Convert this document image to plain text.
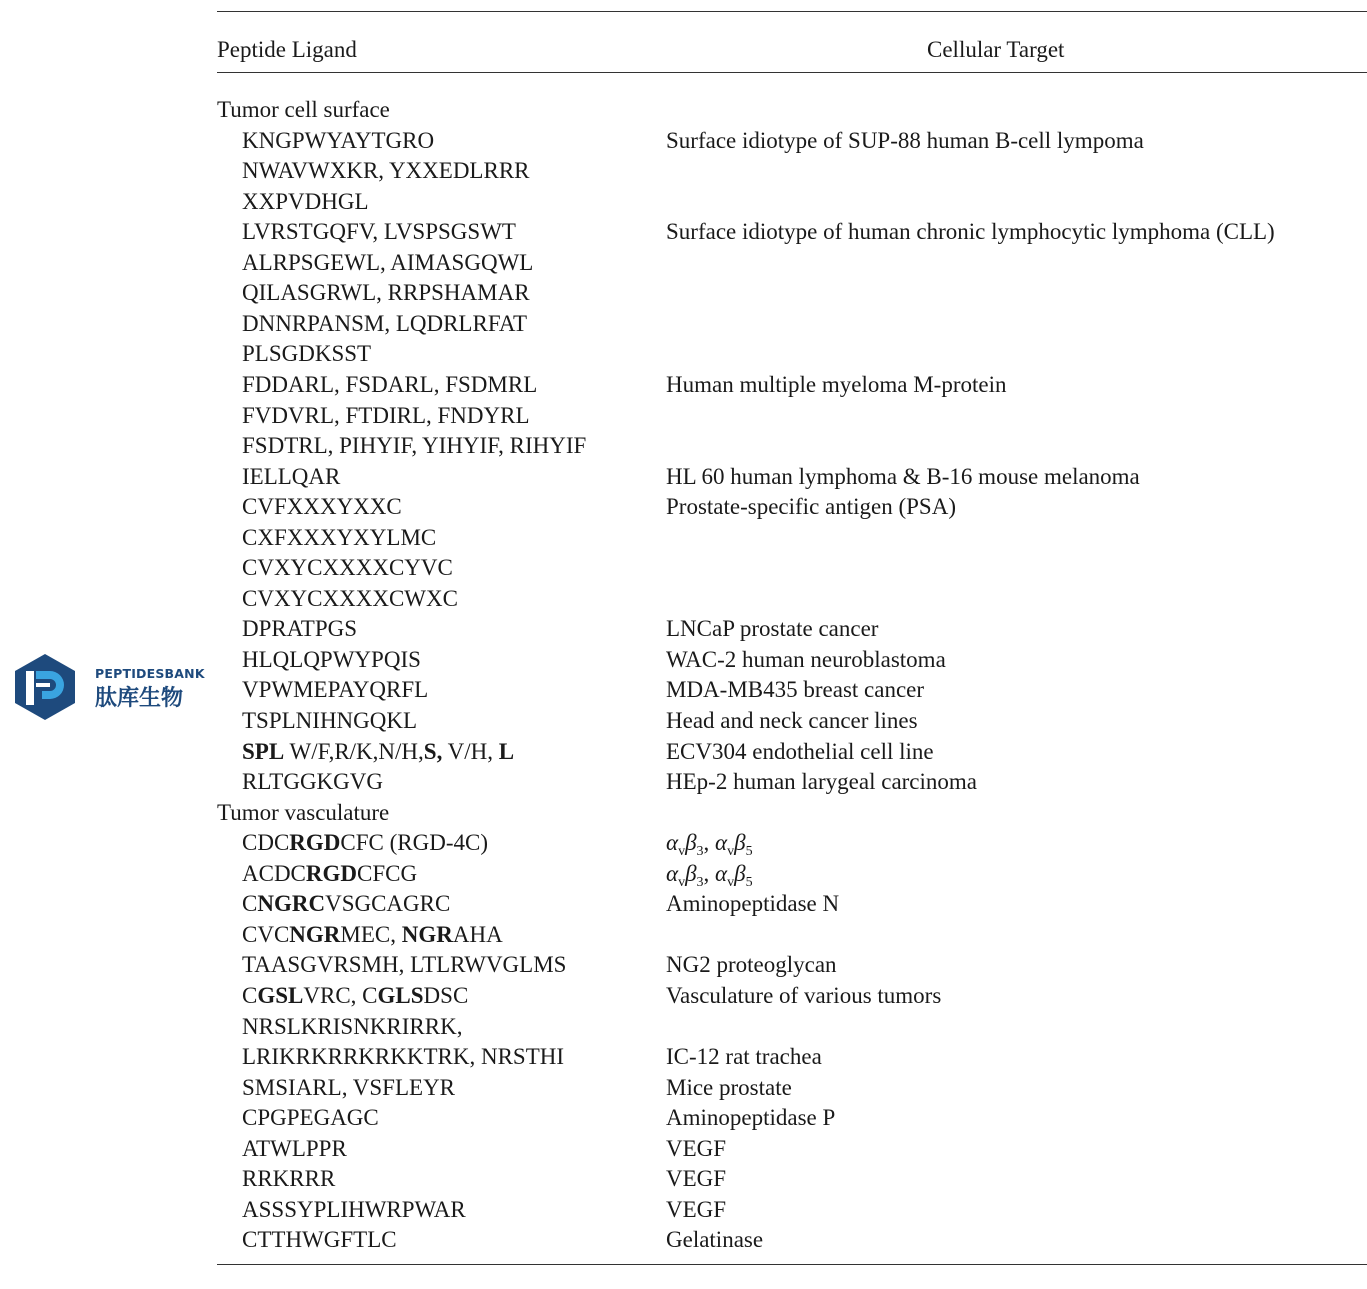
Peptide Ligand	Cellular Target
Tumor cell surface
KNGPWYAYTGRO	Surface idiotype of SUP-88 human B-cell lympoma
NWAVWXKR, YXXEDLRRR
XXPVDHGL
LVRSTGQFV, LVSPSGSWT	Surface idiotype of human chronic lymphocytic lymphoma (CLL)
ALRPSGEWL, AIMASGQWL
QILASGRWL, RRPSHAMAR
DNNRPANSM, LQDRLRFAT
PLSGDKSST
FDDARL, FSDARL, FSDMRL	Human multiple myeloma M-protein
FVDVRL, FTDIRL, FNDYRL
FSDTRL, PIHYIF, YIHYIF, RIHYIF
IELLQAR	HL 60 human lymphoma & B-16 mouse melanoma
CVFXXXYXXC	Prostate-specific antigen (PSA)
CXFXXXYXYLMC
CVXYCXXXXCYVC
CVXYCXXXXCWXC
DPRATPGS	LNCaP prostate cancer
HLQLQPWYPQIS	WAC-2 human neuroblastoma
VPWMEPAYQRFL	MDA-MB435 breast cancer
TSPLNIHNGQKL	Head and neck cancer lines
SPL W/F,R/K,N/H,S, V/H, L	ECV304 endothelial cell line
RLTGGKGVG	HEp-2 human larygeal carcinoma
Tumor vasculature
CDCRGDCFC (RGD-4C)	$\alpha_v\beta_3$, $\alpha_v\beta_5$
ACDCRGDCFCG	$\alpha_v\beta_3$, $\alpha_v\beta_5$
CNGRCVSGCAGRC	Aminopeptidase N
CVCNGRMEC, NGRAHA
TAASGVRSMH, LTLRWVGLMS	NG2 proteoglycan
CGSLVRC, CGLSDSC	Vasculature of various tumors
NRSLKRISNKRIRRK,
LRIKRKRRKRKKTRK, NRSTHI	IC-12 rat trachea
SMSIARL, VSFLEYR	Mice prostate
CPGPEGAGC	Aminopeptidase P
ATWLPPR	VEGF
RRKRRR	VEGF
ASSSYPLIHWRPWAR	VEGF
CTTHWGFTLC	Gelatinase
PEPTIDESBANK
肽库生物
